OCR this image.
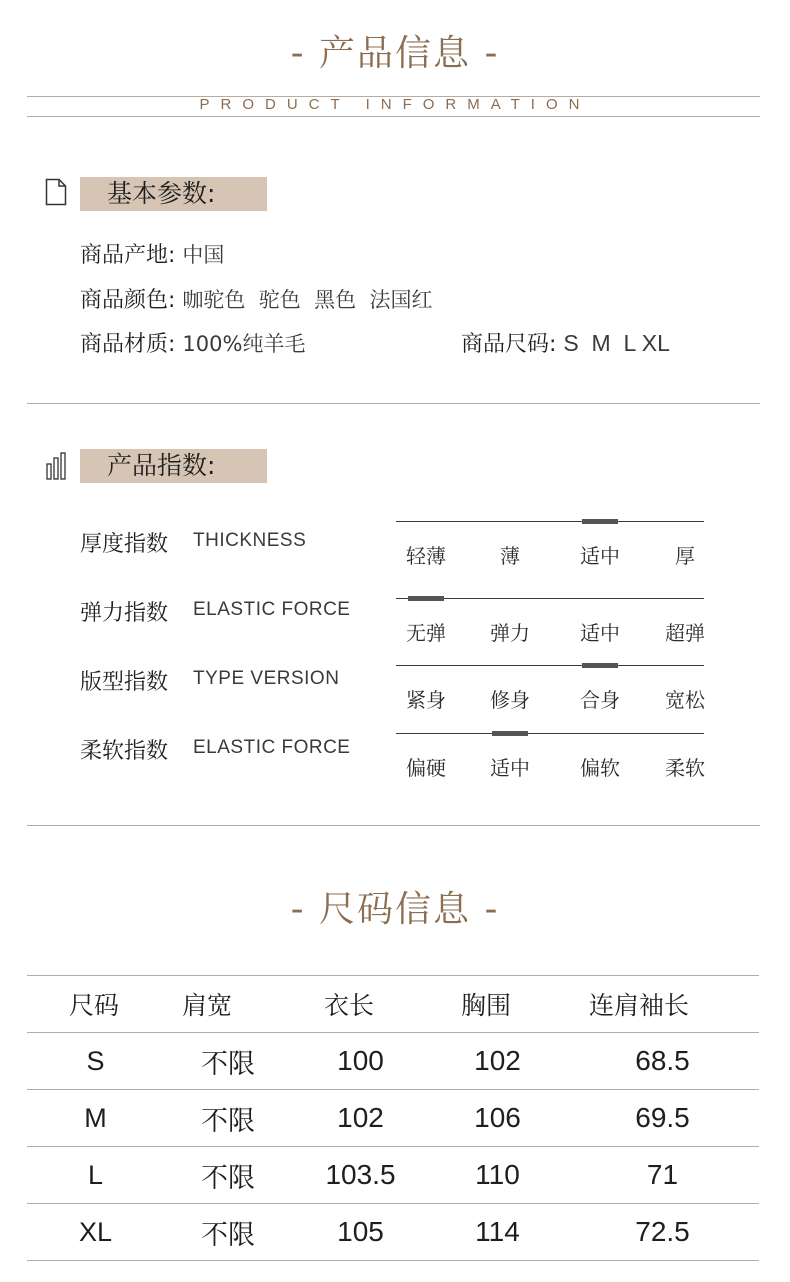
- 产品信息 -
PRODUCT INFORMATION
基本参数:
商品产地: 中国
商品颜色: 咖驼色  驼色  黑色  法国红
商品材质: 100%纯羊毛	商品尺码: S  M  L XL
产品指数:
厚度指数 THICKNESS
轻薄	薄	适中	厚
弹力指数 ELASTIC FORCE
无弹	弹力	适中	超弹
版型指数 TYPE VERSION
紧身	修身	合身	宽松
柔软指数 ELASTIC FORCE
偏硬	适中	偏软	柔软
- 尺码信息 -
尺码	肩宽	衣长	胸围	连肩袖长
S	不限	100	102	68.5
M	不限	102	106	69.5
L	不限	103.5	110	71
XL	不限	105	114	72.5
